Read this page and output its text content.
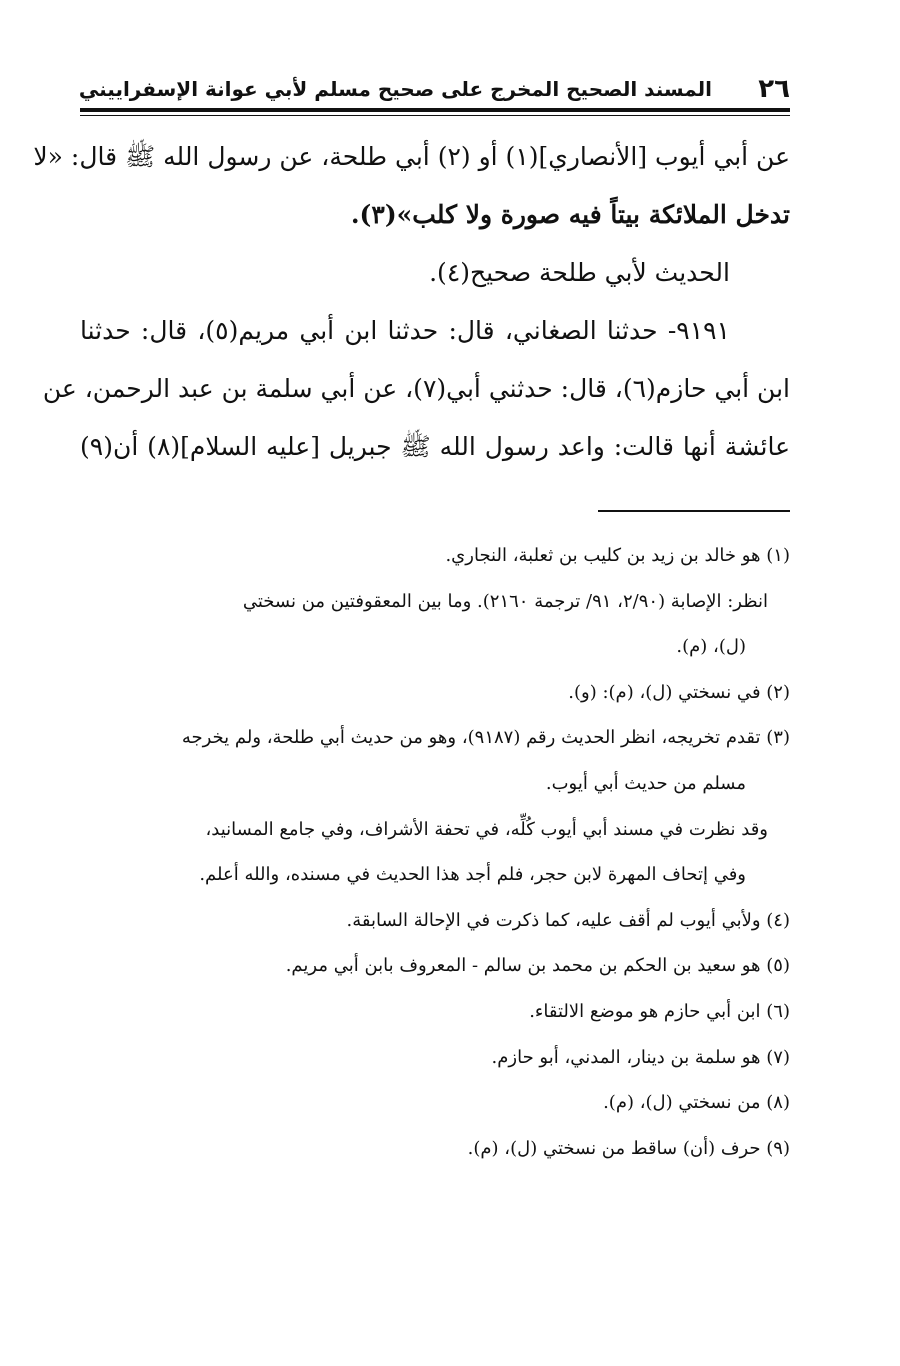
٢٦
المسند الصحيح المخرج على صحيح مسلم لأبي عوانة الإسفراييني
عن أبي أيوب [الأنصاري](١) أو (٢) أبي طلحة، عن رسول الله ﷺ قال: «لا
تدخل الملائكة بيتاً فيه صورة ولا كلب»(٣).
الحديث لأبي طلحة صحيح(٤).
٩١٩١- حدثنا الصغاني، قال: حدثنا ابن أبي مريم(٥)، قال: حدثنا
ابن أبي حازم(٦)، قال: حدثني أبي(٧)، عن أبي سلمة بن عبد الرحمن، عن
عائشة أنها قالت: واعد رسول الله ﷺ جبريل [عليه السلام](٨) أن(٩)
(١) هو خالد بن زيد بن كليب بن ثعلبة، النجاري.
انظر: الإصابة (٢/٩٠، ٩١/ ترجمة ٢١٦٠). وما بين المعقوفتين من نسختي
(ل)، (م).
(٢) في نسختي (ل)، (م): (و).
(٣) تقدم تخريجه، انظر الحديث رقم (٩١٨٧)، وهو من حديث أبي طلحة، ولم يخرجه
مسلم من حديث أبي أيوب.
وقد نظرت في مسند أبي أيوب كُلِّه، في تحفة الأشراف، وفي جامع المسانيد،
وفي إتحاف المهرة لابن حجر، فلم أجد هذا الحديث في مسنده، والله أعلم.
(٤) ولأبي أيوب لم أقف عليه، كما ذكرت في الإحالة السابقة.
(٥) هو سعيد بن الحكم بن محمد بن سالم - المعروف بابن أبي مريم.
(٦) ابن أبي حازم هو موضع الالتقاء.
(٧) هو سلمة بن دينار، المدني، أبو حازم.
(٨) من نسختي (ل)، (م).
(٩) حرف (أن) ساقط من نسختي (ل)، (م).
